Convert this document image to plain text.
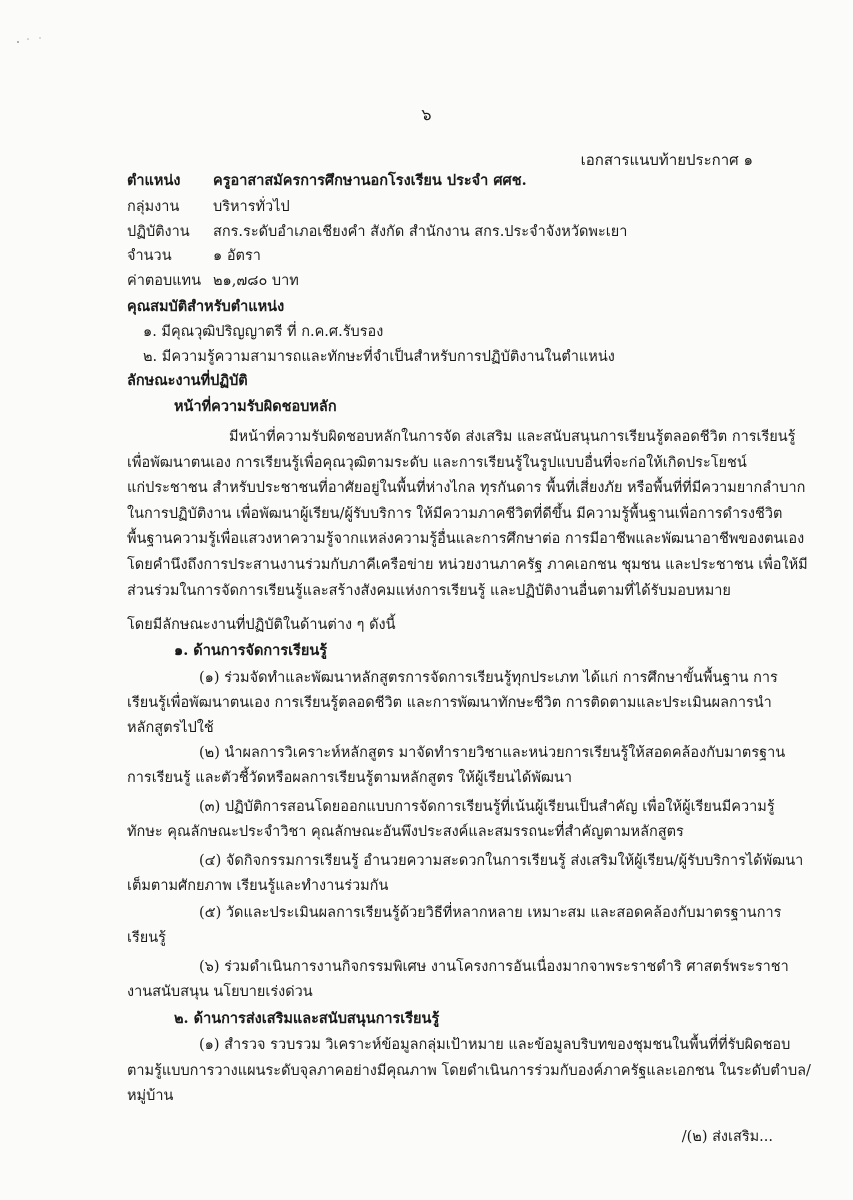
๖
เอกสารแนบท้ายประกาศ ๑
ตำแหน่ง ครูอาสาสมัครการศึกษานอกโรงเรียน ประจำ ศศช.
กลุ่มงาน บริหารทั่วไป
ปฏิบัติงาน สกร.ระดับอำเภอเชียงคำ สังกัด สำนักงาน สกร.ประจำจังหวัดพะเยา
จำนวน	๑ อัตรา
ค่าตอบแทน ๒๑,๗๘๐ บาท
คุณสมบัติสำหรับตำแหน่ง
๑. มีคุณวุฒิปริญญาตรี ที่ ก.ค.ศ.รับรอง
๒. มีความรู้ความสามารถและทักษะที่จำเป็นสำหรับการปฏิบัติงานในตำแหน่ง
ลักษณะงานที่ปฏิบัติ
หน้าที่ความรับผิดชอบหลัก
มีหน้าที่ความรับผิดชอบหลักในการจัด ส่งเสริม และสนับสนุนการเรียนรู้ตลอดชีวิต การเรียนรู้
เพื่อพัฒนาตนเอง การเรียนรู้เพื่อคุณวุฒิตามระดับ และการเรียนรู้ในรูปแบบอื่นที่จะก่อให้เกิดประโยชน์
แก่ประชาชน สำหรับประชาชนที่อาศัยอยู่ในพื้นที่ห่างไกล ทุรกันดาร พื้นที่เสี่ยงภัย หรือพื้นที่ที่มีความยากลำบาก
ในการปฏิบัติงาน เพื่อพัฒนาผู้เรียน/ผู้รับบริการ ให้มีความภาคชีวิตที่ดีขึ้น มีความรู้พื้นฐานเพื่อการดำรงชีวิต
พื้นฐานความรู้เพื่อแสวงหาความรู้จากแหล่งความรู้อื่นและการศึกษาต่อ การมีอาชีพและพัฒนาอาชีพของตนเอง
โดยคำนึงถึงการประสานงานร่วมกับภาคีเครือข่าย หน่วยงานภาครัฐ ภาคเอกชน ชุมชน และประชาชน เพื่อให้มี
ส่วนร่วมในการจัดการเรียนรู้และสร้างสังคมแห่งการเรียนรู้ และปฏิบัติงานอื่นตามที่ได้รับมอบหมาย
โดยมีลักษณะงานที่ปฏิบัติในด้านต่าง ๆ ดังนี้
๑. ด้านการจัดการเรียนรู้
(๑) ร่วมจัดทำและพัฒนาหลักสูตรการจัดการเรียนรู้ทุกประเภท ได้แก่ การศึกษาขั้นพื้นฐาน การ
เรียนรู้เพื่อพัฒนาตนเอง การเรียนรู้ตลอดชีวิต และการพัฒนาทักษะชีวิต การติดตามและประเมินผลการนำ
หลักสูตรไปใช้
(๒) นำผลการวิเคราะห์หลักสูตร มาจัดทำรายวิชาและหน่วยการเรียนรู้ให้สอดคล้องกับมาตรฐาน
การเรียนรู้ และตัวชี้วัดหรือผลการเรียนรู้ตามหลักสูตร ให้ผู้เรียนได้พัฒนา
(๓) ปฏิบัติการสอนโดยออกแบบการจัดการเรียนรู้ที่เน้นผู้เรียนเป็นสำคัญ เพื่อให้ผู้เรียนมีความรู้
ทักษะ คุณลักษณะประจำวิชา คุณลักษณะอันพึงประสงค์และสมรรถนะที่สำคัญตามหลักสูตร
(๔) จัดกิจกรรมการเรียนรู้ อำนวยความสะดวกในการเรียนรู้ ส่งเสริมให้ผู้เรียน/ผู้รับบริการได้พัฒนา
เต็มตามศักยภาพ เรียนรู้และทำงานร่วมกัน
(๕) วัดและประเมินผลการเรียนรู้ด้วยวิธีที่หลากหลาย เหมาะสม และสอดคล้องกับมาตรฐานการ
เรียนรู้
(๖) ร่วมดำเนินการงานกิจกรรมพิเศษ งานโครงการอันเนื่องมากจาพระราชดำริ ศาสตร์พระราชา
งานสนับสนุน นโยบายเร่งด่วน
๒. ด้านการส่งเสริมและสนับสนุนการเรียนรู้
(๑) สำรวจ รวบรวม วิเคราะห์ข้อมูลกลุ่มเป้าหมาย และข้อมูลบริบทของชุมชนในพื้นที่ที่รับผิดชอบ
ตามรู้แบบการวางแผนระดับจุลภาคอย่างมีคุณภาพ โดยดำเนินการร่วมกับองค์ภาครัฐและเอกชน ในระดับตำบล/
หมู่บ้าน
/(๒) ส่งเสริม...
